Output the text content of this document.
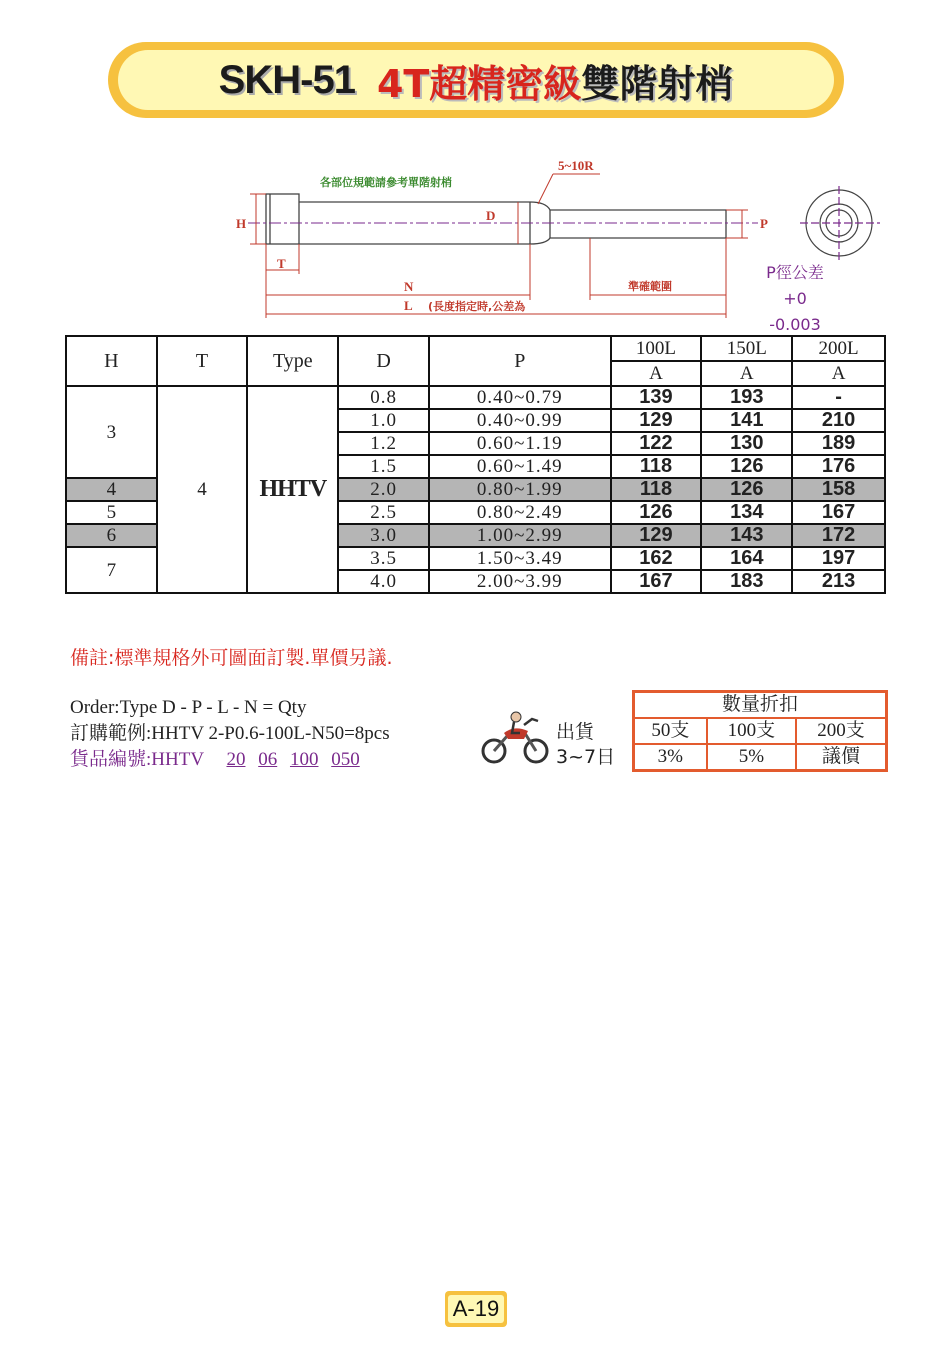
SKH-51 4T超精密級雙階射梢
H
T
D
P
N
L
5~10R
各部位規範請參考單階射梢
(長度指定時,公差為
準確範圍
P徑公差
+0
-0.003
H	T	Type	D	P	100L	150L	200L
					A	A	A
3	4	HHTV	0.8	0.40~0.79	139	193	-
			1.0	0.40~0.99	129	141	210
			1.2	0.60~1.19	122	130	189
			1.5	0.60~1.49	118	126	176
4			2.0	0.80~1.99	118	126	158
5			2.5	0.80~2.49	126	134	167
6			3.0	1.00~2.99	129	143	172
7			3.5	1.50~3.49	162	164	197
			4.0	2.00~3.99	167	183	213
備註:標準規格外可圖面訂製.單價另議.
Order:Type D - P - L - N = Qty
訂購範例:HHTV 2-P0.6-100L-N50=8pcs
貨品編號:HHTV 20 06 100 050
出貨
3~7日
數量折扣		
50支	100支	200支
3%	5%	議價
A-19
